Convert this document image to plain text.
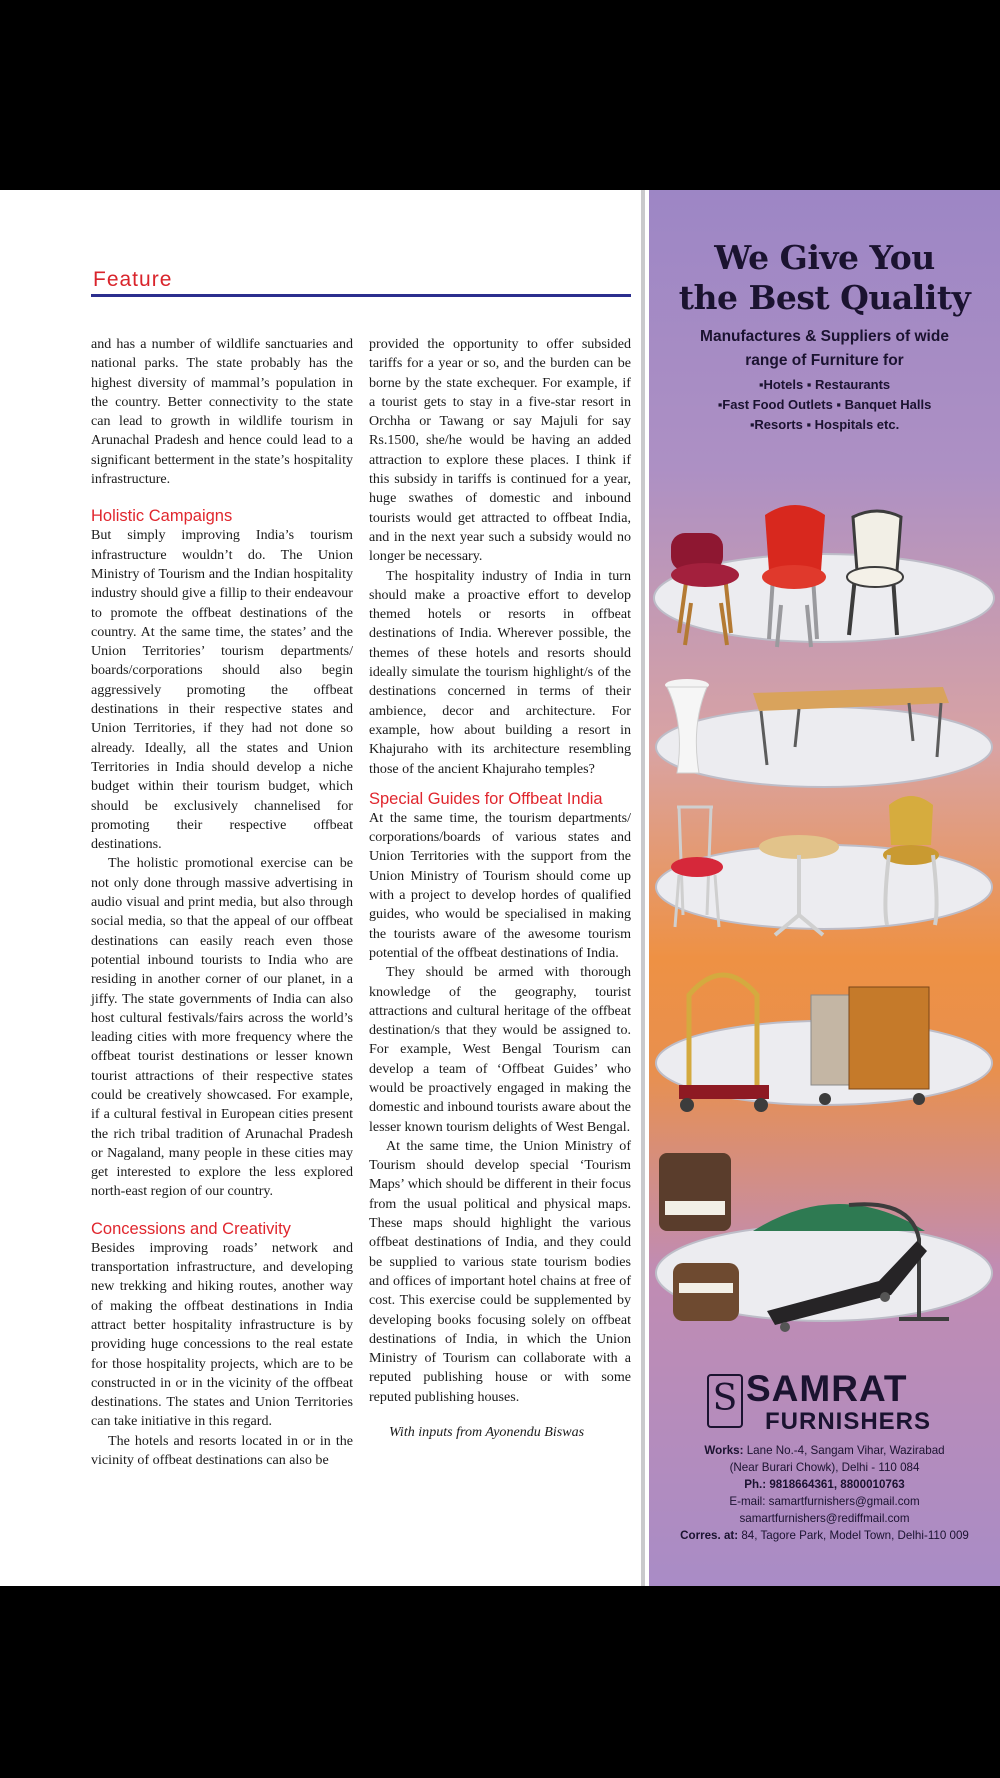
Feature

and has a number of wildlife sanctuaries and national parks. The state probably has the highest diversity of mammal’s population in the country. Better connectivity to the state can lead to growth in wildlife tourism in Arunachal Pradesh and hence could lead to a significant betterment in the state’s hospitality infrastructure.

Holistic Campaigns

But simply improving India’s tourism infrastructure wouldn’t do. The Union Ministry of Tourism and the Indian hospitality industry should give a fillip to their endeavour to promote the offbeat destinations of the country. At the same time, the states’ and the Union Territories’ tourism departments/ boards/corporations should also begin aggressively promoting the offbeat destinations in their respective states and Union Territories, if they had not done so already. Ideally, all the states and Union Territories in India should develop a niche budget within their tourism budget, which should be exclusively channelised for promoting their respective offbeat destinations.

The holistic promotional exercise can be not only done through massive advertising in audio visual and print media, but also through social media, so that the appeal of our offbeat destinations can easily reach even those potential inbound tourists to India who are residing in another corner of our planet, in a jiffy. The state governments of India can also host cultural festivals/fairs across the world’s leading cities with more frequency where the offbeat tourist destinations or lesser known tourist attractions of their respective states could be creatively showcased. For example, if a cultural festival in European cities present the rich tribal tradition of Arunachal Pradesh or Nagaland, many people in these cities may get interested to explore the less explored north-east region of our country.

Concessions and Creativity

Besides improving roads’ network and transportation infrastructure, and developing new trekking and hiking routes, another way of making the offbeat destinations in India attract better hospitality infrastructure is by providing huge concessions to the real estate for those hospitality projects, which are to be constructed in or in the vicinity of the offbeat destinations. The states and Union Territories can take initiative in this regard.

The hotels and resorts located in or in the vicinity of offbeat destinations can also be

provided the opportunity to offer subsided tariffs for a year or so, and the burden can be borne by the state exchequer. For example, if a tourist gets to stay in a five-star resort in Orchha or Tawang or say Majuli for say Rs.1500, she/he would be having an added attraction to explore these places. I think if this subsidy in tariffs is continued for a year, huge swathes of domestic and inbound tourists would get attracted to offbeat India, and in the next year such a subsidy would no longer be necessary.

The hospitality industry of India in turn should make a proactive effort to develop themed hotels or resorts in offbeat destinations of India. Wherever possible, the themes of these hotels and resorts should ideally simulate the tourism highlight/s of the destinations concerned in terms of their ambience, decor and architecture. For example, how about building a resort in Khajuraho with its architecture resembling those of the ancient Khajuraho temples?

Special Guides for Offbeat India

At the same time, the tourism departments/ corporations/boards of various states and Union Territories with the support from the Union Ministry of Tourism should come up with a project to develop hordes of qualified guides, who would be specialised in making the tourists aware of the awesome tourism potential of the offbeat destinations of India.

They should be armed with thorough knowledge of the geography, tourist attractions and cultural heritage of the offbeat destination/s that they would be assigned to. For example, West Bengal Tourism can develop a team of ‘Offbeat Guides’ who would be proactively engaged in making the domestic and inbound tourists aware about the lesser known tourism delights of West Bengal.

At the same time, the Union Ministry of Tourism should develop special ‘Tourism Maps’ which should be different in their focus from the usual political and physical maps. These maps should highlight the various offbeat destinations of India, and they could be supplied to various state tourism bodies and offices of important hotel chains at free of cost. This exercise could be supplemented by developing books focusing solely on offbeat destinations of India, in which the Union Ministry of Tourism can collaborate with a reputed publishing house or with some reputed publishing houses.

With inputs from Ayonendu Biswas

We Give You
the Best Quality
Manufactures & Suppliers of wide
range of Furniture for
▪Hotels ▪ Restaurants
▪Fast Food Outlets ▪ Banquet Halls
▪Resorts ▪ Hospitals etc.
S SAMRAT
FURNISHERS
Works: Lane No.-4, Sangam Vihar, Wazirabad
(Near Burari Chowk), Delhi - 110 084
Ph.: 9818664361, 8800010763
E-mail: samartfurnishers@gmail.com
samartfurnishers@rediffmail.com
Corres. at: 84, Tagore Park, Model Town, Delhi-110 009
